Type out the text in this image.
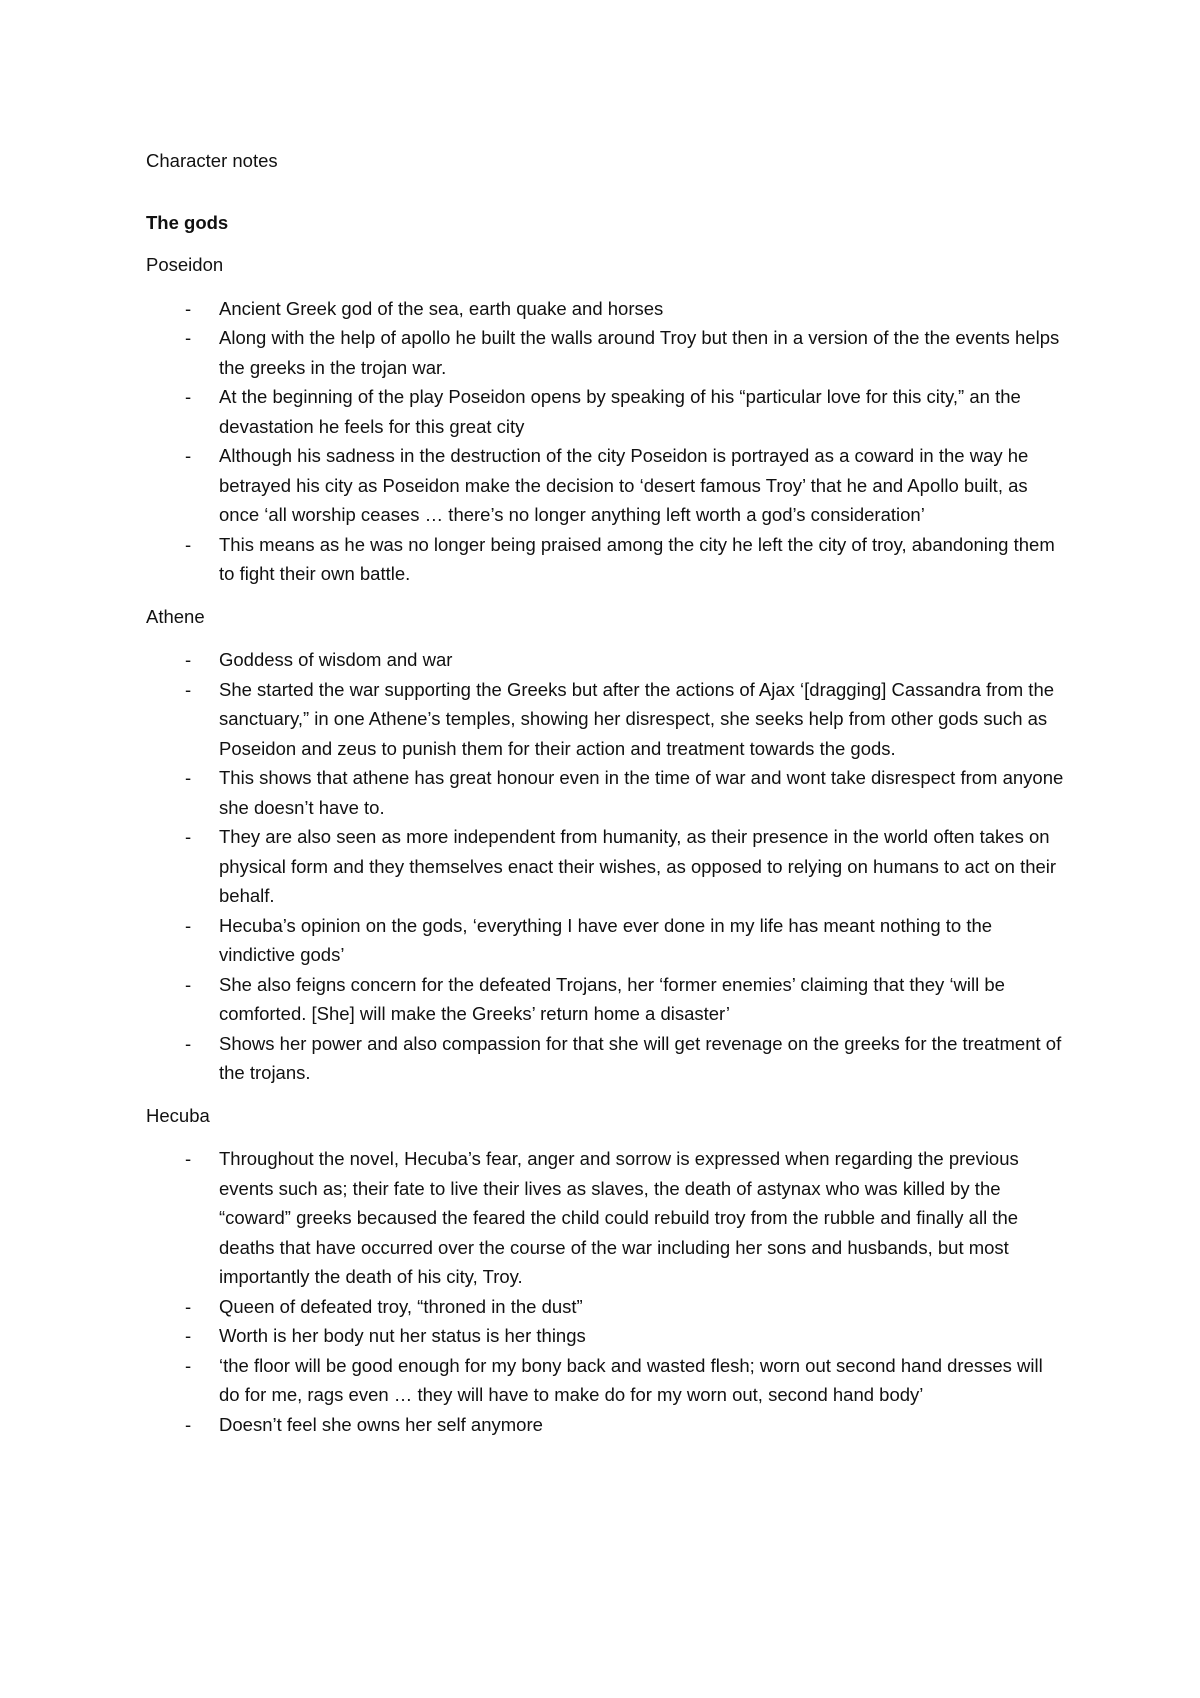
Character notes
The gods
Poseidon
- Ancient Greek god of the sea, earth quake and horses
- Along with the help of apollo he built the walls around Troy but then in a version of the the events helps the greeks in the trojan war.
- At the beginning of the play Poseidon opens by speaking of his “particular love for this city,” an the devastation he feels for this great city
- Although his sadness in the destruction of the city Poseidon is portrayed as a coward in the way he betrayed his city as Poseidon make the decision to ‘desert famous Troy’ that he and Apollo built, as once ‘all worship ceases … there’s no longer anything left worth a god’s consideration’
- This means as he was no longer being praised among the city he left the city of troy, abandoning them to fight their own battle.
Athene
- Goddess of wisdom and war
- She started the war supporting the Greeks but after the actions of Ajax ‘[dragging] Cassandra from the sanctuary,” in one Athene’s temples, showing her disrespect, she seeks help from other gods such as Poseidon and zeus to punish them for their action and treatment towards the gods.
- This shows that athene has great honour even in the time of war and wont take disrespect from anyone she doesn’t have to.
- They are also seen as more independent from humanity, as their presence in the world often takes on physical form and they themselves enact their wishes, as opposed to relying on humans to act on their behalf.
- Hecuba’s opinion on the gods, ‘everything I have ever done in my life has meant nothing to the vindictive gods’
- She also feigns concern for the defeated Trojans, her ‘former enemies’ claiming that they ‘will be comforted. [She] will make the Greeks’ return home a disaster’
- Shows her power and also compassion for that she will get revenage on the greeks for the treatment of the trojans.
Hecuba
- Throughout the novel, Hecuba’s fear, anger and sorrow is expressed when regarding the previous events such as; their fate to live their lives as slaves, the death of astynax who was killed by the “coward” greeks becaused the feared the child could rebuild troy from the rubble and finally all the deaths that have occurred over the course of the war including her sons and husbands, but most importantly the death of his city, Troy.
- Queen of defeated troy, “throned in the dust”
- Worth is her body nut her status is her things
- ‘the floor will be good enough for my bony back and wasted flesh; worn out second hand dresses will do for me, rags even … they will have to make do for my worn out, second hand body’
- Doesn’t feel she owns her self anymore
